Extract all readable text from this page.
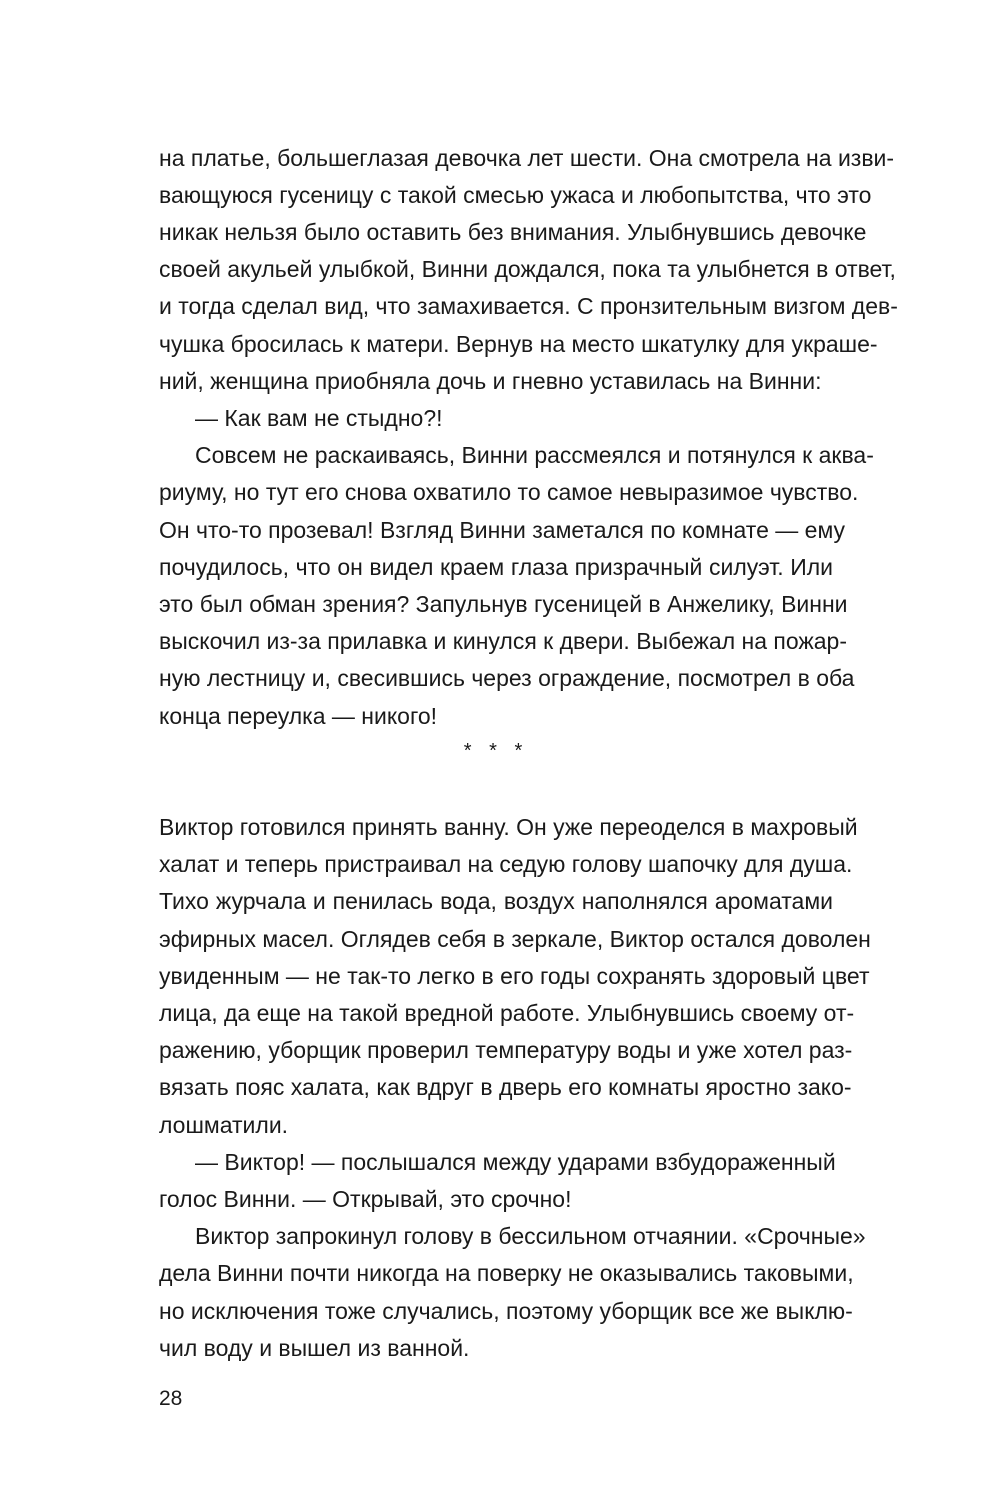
на платье, большеглазая девочка лет шести. Она смотрела на изви-
вающуюся гусеницу с такой смесью ужаса и любопытства, что это
никак нельзя было оставить без внимания. Улыбнувшись девочке
своей акульей улыбкой, Винни дождался, пока та улыбнется в ответ,
и тогда сделал вид, что замахивается. С пронзительным визгом дев-
чушка бросилась к матери. Вернув на место шкатулку для украше-
ний, женщина приобняла дочь и гневно уставилась на Винни:
— Как вам не стыдно?!
Совсем не раскаиваясь, Винни рассмеялся и потянулся к аква-
риуму, но тут его снова охватило то самое невыразимое чувство.
Он что-то прозевал! Взгляд Винни заметался по комнате — ему
почудилось, что он видел краем глаза призрачный силуэт. Или
это был обман зрения? Запульнув гусеницей в Анжелику, Винни
выскочил из-за прилавка и кинулся к двери. Выбежал на пожар-
ную лестницу и, свесившись через ограждение, посмотрел в оба
конца переулка — никого!
* * *
Виктор готовился принять ванну. Он уже переоделся в махровый
халат и теперь пристраивал на седую голову шапочку для душа.
Тихо журчала и пенилась вода, воздух наполнялся ароматами
эфирных масел. Оглядев себя в зеркале, Виктор остался доволен
увиденным — не так-то легко в его годы сохранять здоровый цвет
лица, да еще на такой вредной работе. Улыбнувшись своему от-
ражению, уборщик проверил температуру воды и уже хотел раз-
вязать пояс халата, как вдруг в дверь его комнаты яростно зако-
лошматили.
— Виктор! — послышался между ударами взбудораженный
голос Винни. — Открывай, это срочно!
Виктор запрокинул голову в бессильном отчаянии. «Срочные»
дела Винни почти никогда на поверку не оказывались таковыми,
но исключения тоже случались, поэтому уборщик все же выклю-
чил воду и вышел из ванной.
28
